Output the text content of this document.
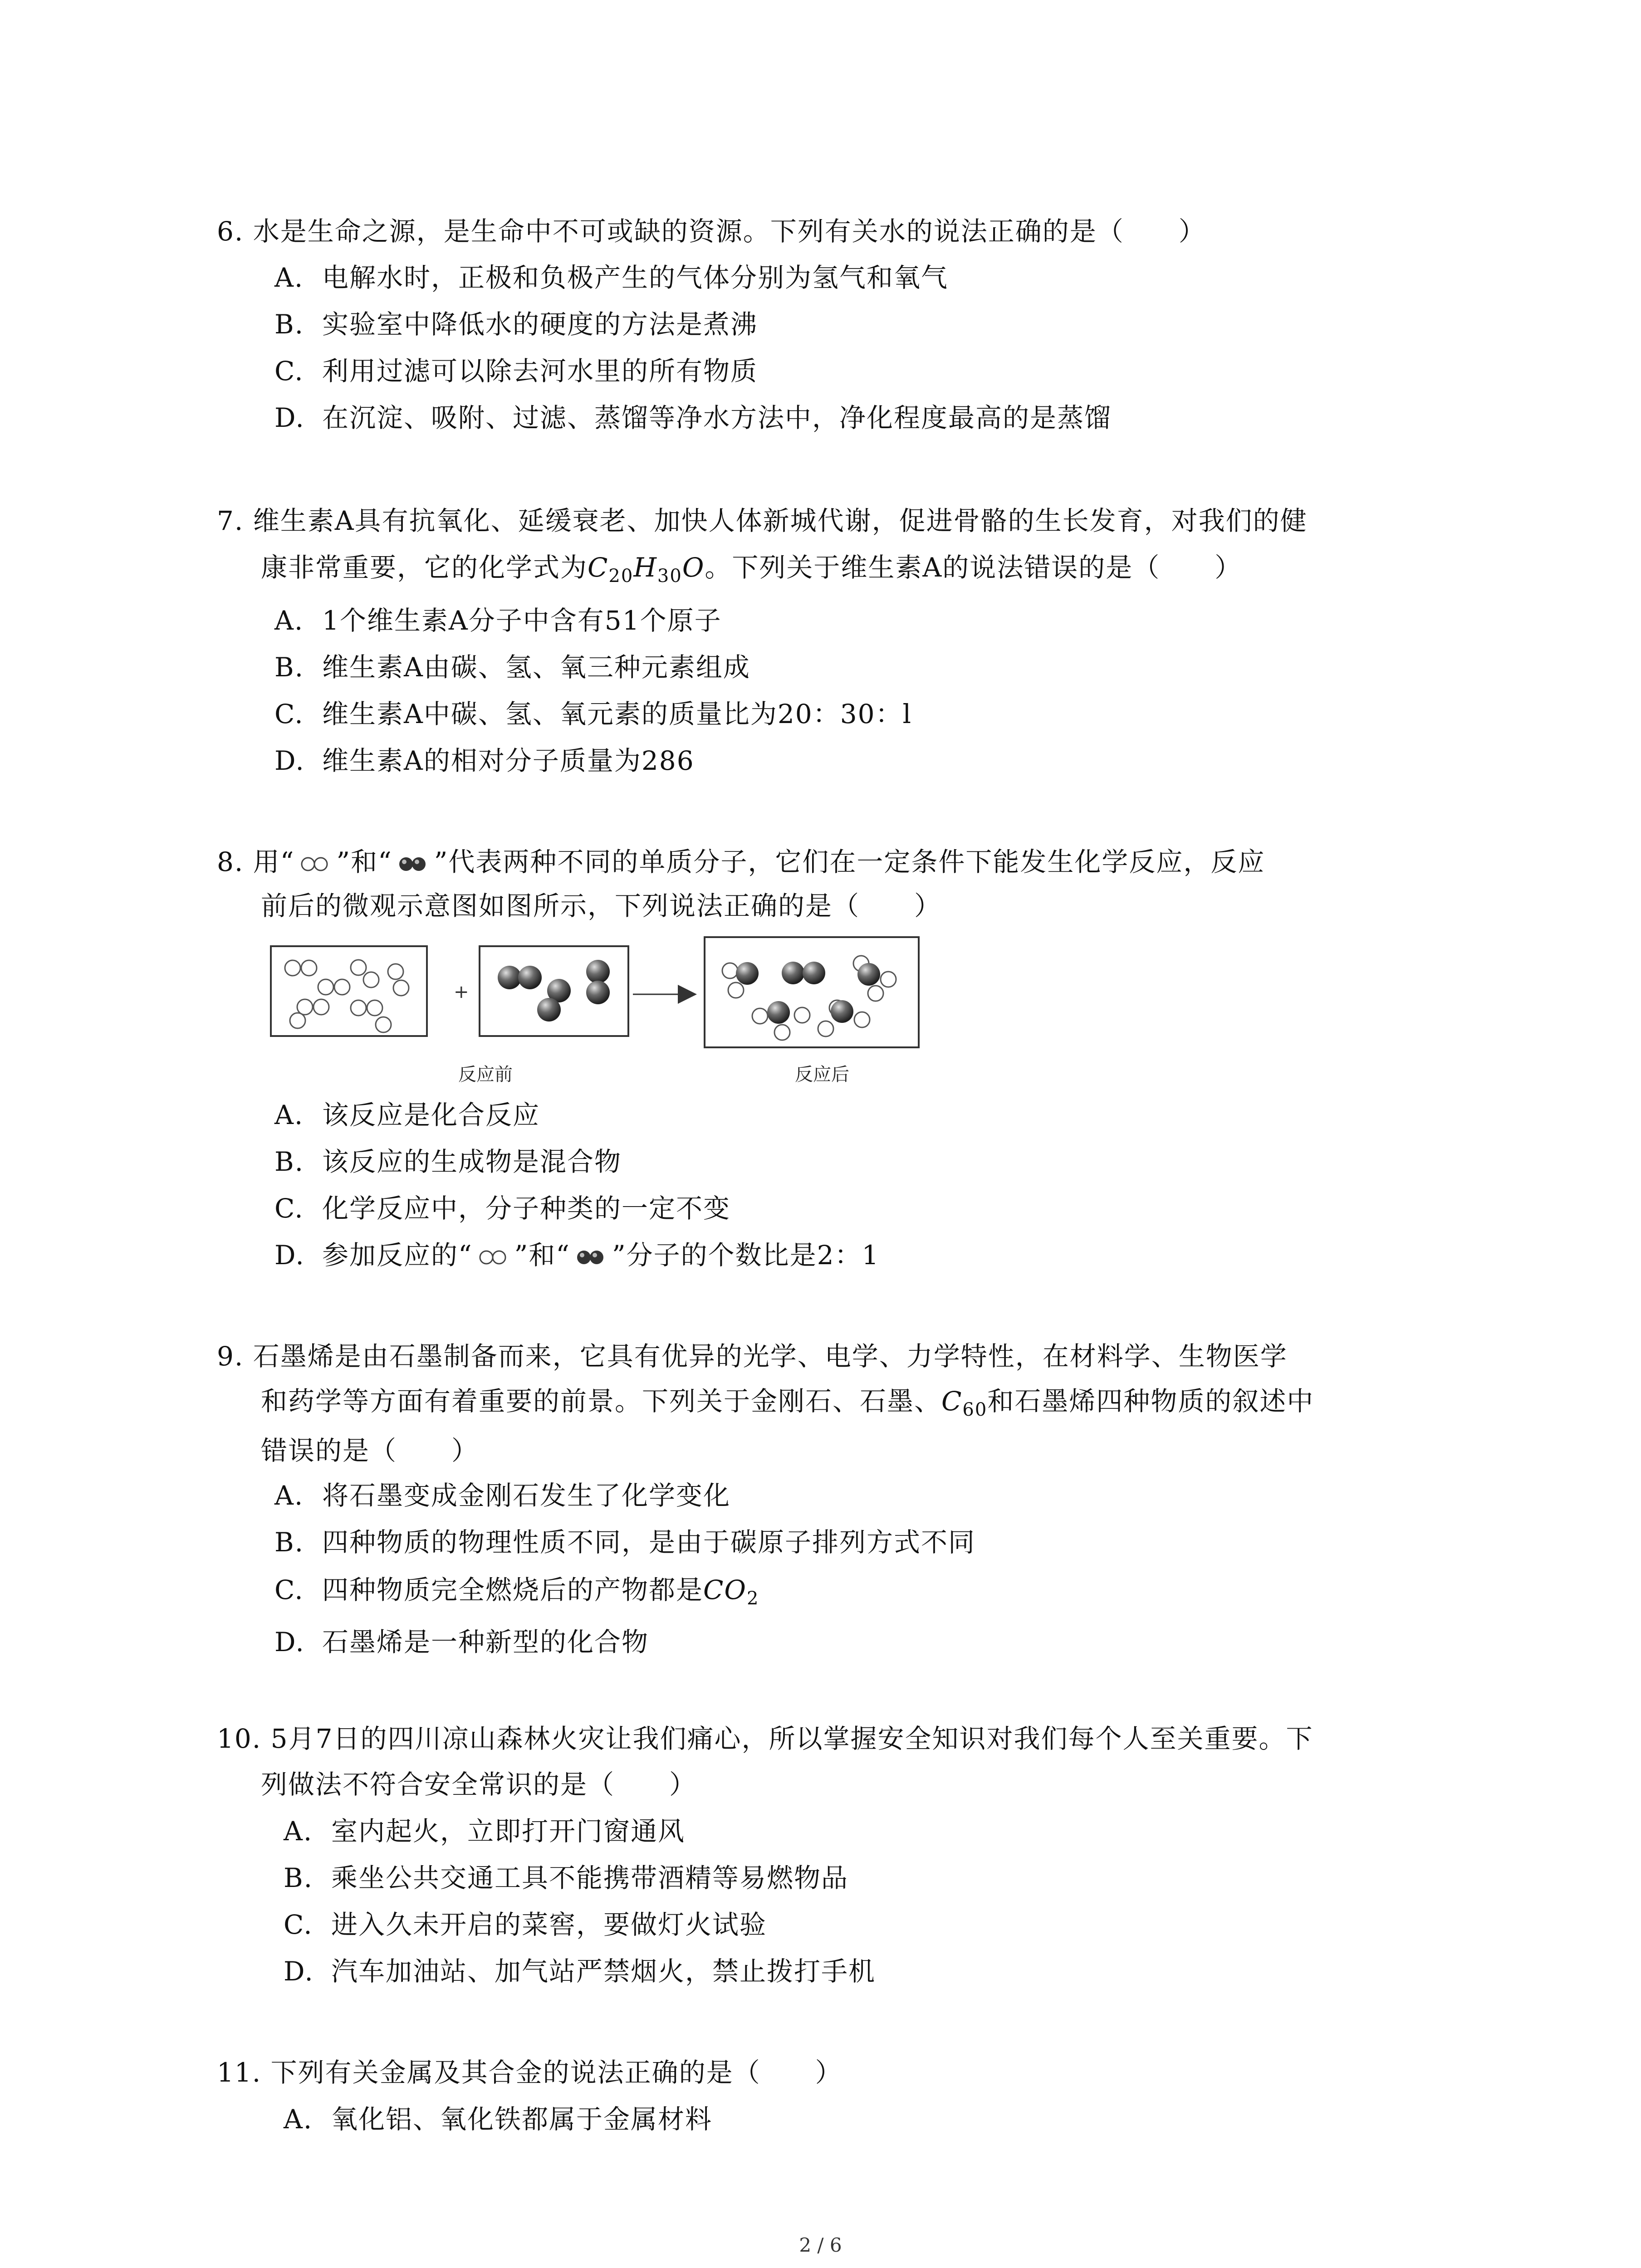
6. 水是生命之源，是生命中不可或缺的资源。下列有关水的说法正确的是（　　）
A. 电解水时，正极和负极产生的气体分别为氢气和氧气
B. 实验室中降低水的硬度的方法是煮沸
C. 利用过滤可以除去河水里的所有物质
D. 在沉淀、吸附、过滤、蒸馏等净水方法中，净化程度最高的是蒸馏
7. 维生素A具有抗氧化、延缓衰老、加快人体新城代谢，促进骨骼的生长发育，对我们的健
康非常重要，它的化学式为$C_{20}H_{30}O$。下列关于维生素A的说法错误的是（　　）
A. 1个维生素A分子中含有51个原子
B. 维生素A由碳、氢、氧三种元素组成
C. 维生素A中碳、氢、氧元素的质量比为20：30：l
D. 维生素A的相对分子质量为286
8. 用“ ”和“ ”代表两种不同的单质分子，它们在一定条件下能发生化学反应，反应
前后的微观示意图如图所示，下列说法正确的是（　　）
+
反应前	反应后
A. 该反应是化合反应
B. 该反应的生成物是混合物
C. 化学反应中，分子种类的一定不变
D. 参加反应的“ ”和“ ”分子的个数比是2：1
9. 石墨烯是由石墨制备而来，它具有优异的光学、电学、力学特性，在材料学、生物医学
和药学等方面有着重要的前景。下列关于金刚石、石墨、$C_{60}$和石墨烯四种物质的叙述中
错误的是（　　）
A. 将石墨变成金刚石发生了化学变化
B. 四种物质的物理性质不同，是由于碳原子排列方式不同
C. 四种物质完全燃烧后的产物都是$CO_2$
D. 石墨烯是一种新型的化合物
10. 5月7日的四川凉山森林火灾让我们痛心，所以掌握安全知识对我们每个人至关重要。下
列做法不符合安全常识的是（　　）
A. 室内起火，立即打开门窗通风
B. 乘坐公共交通工具不能携带酒精等易燃物品
C. 进入久未开启的菜窖，要做灯火试验
D. 汽车加油站、加气站严禁烟火，禁止拨打手机
11. 下列有关金属及其合金的说法正确的是（　　）
A. 氧化铝、氧化铁都属于金属材料
2 / 6
